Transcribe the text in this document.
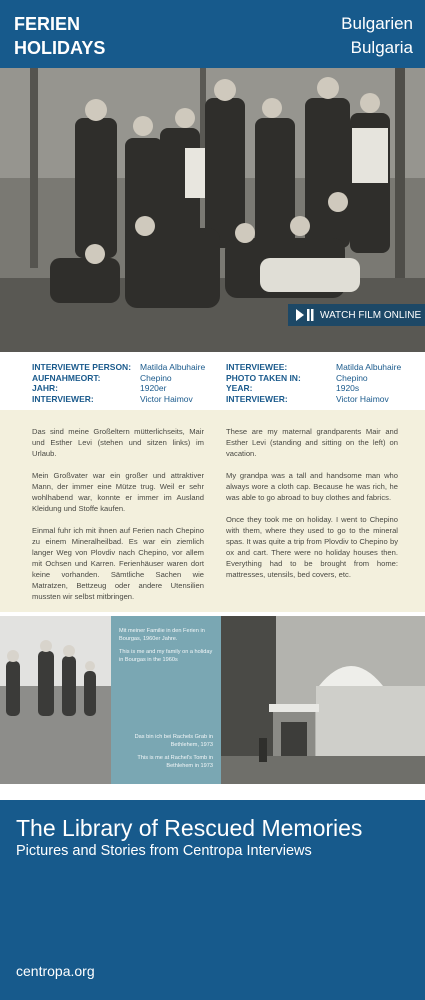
FERIEN
HOLIDAYS
Bulgarien
Bulgaria
WATCH FILM ONLINE
INTERVIEWTE PERSON:
AUFNAHMEORT:
JAHR:
INTERVIEWER:
Matilda Albuhaire
Chepino
1920er
Victor Haimov
INTERVIEWEE:
PHOTO TAKEN IN:
YEAR:
INTERVIEWER:
Matilda Albuhaire
Chepino
1920s
Victor Haimov

Das sind meine Großeltern mütterlichseits, Mair und Esther Levi (stehen und sitzen links) im Urlaub.

Mein Großvater war ein großer und attraktiver Mann, der immer eine Mütze trug. Weil er sehr wohlhabend war, konnte er immer im Ausland Kleidung und Stoffe kaufen.

Einmal fuhr ich mit ihnen auf Ferien nach Chepino zu einem Mineralheilbad. Es war ein ziemlich langer Weg von Plovdiv nach Chepino, vor allem mit Ochsen und Karren. Ferienhäuser waren dort keine vorhanden. Sämtliche Sachen wie Matratzen, Bettzeug oder andere Utensilien mussten wir selbst mitbringen.

These are my maternal grandparents Mair and Esther Levi (standing and sitting on the left) on vacation.

My grandpa was a tall and handsome man who always wore a cloth cap. Because he was rich, he was able to go abroad to buy clothes and fabrics.

Once they took me on holiday. I went to Chepino with them, where they used to go to the mineral spas. It was quite a trip from Plovdiv to Chepino by ox and cart. There were no holiday houses then. Everything had to be brought from home: mattresses, utensils, bed covers, etc.

Mit meiner Familie in den Ferien in Bourgas, 1960er Jahre.
This is me and my family on a holiday in Bourgas in the 1960s
Das bin ich bei Rachels Grab in Bethlehem, 1973
This is me at Rachel's Tomb in Bethlehem in 1973
The Library of Rescued Memories
Pictures and Stories from Centropa Interviews
centropa.org
